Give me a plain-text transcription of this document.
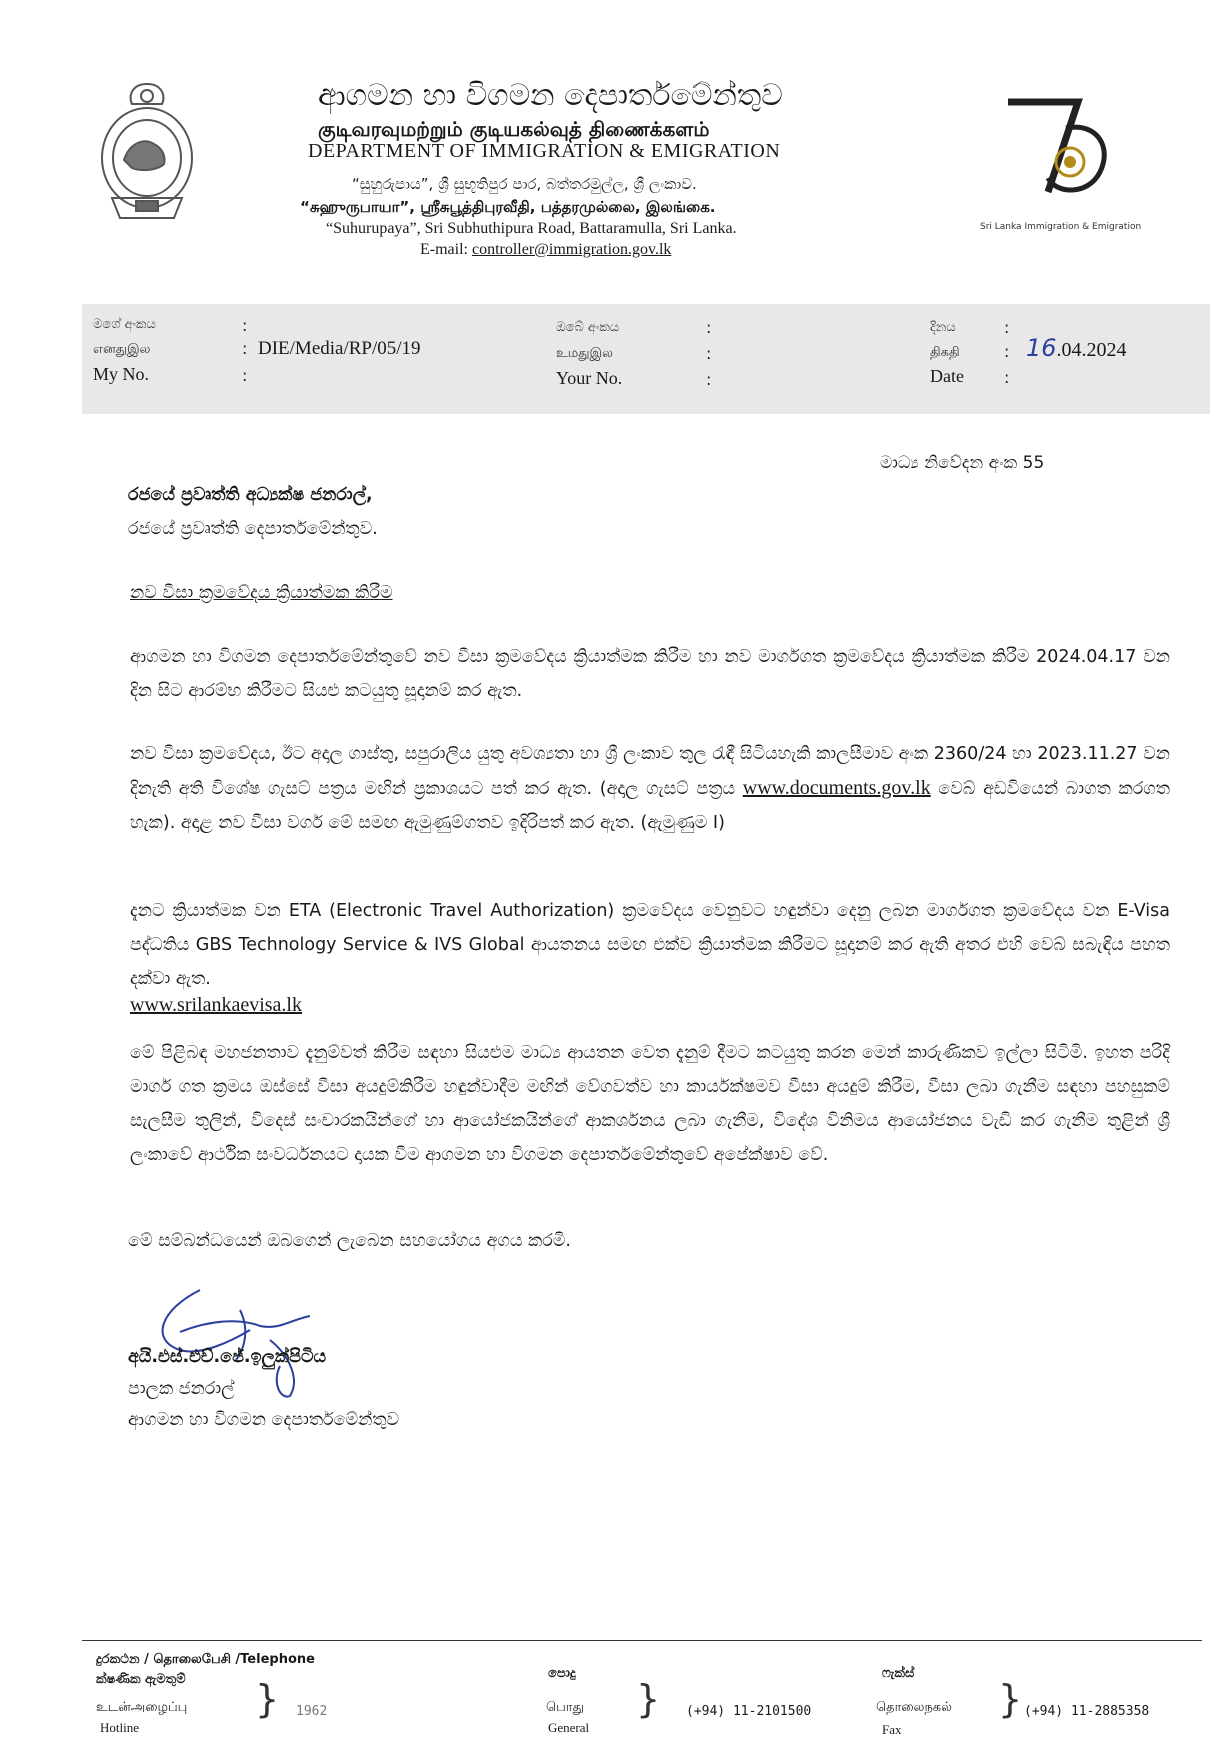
ආගමන හා විගමන දෙපාර්තමේන්තුව
குடிவரவுமற்றும் குடியகல்வுத் திணைக்களம்
DEPARTMENT OF IMMIGRATION & EMIGRATION
“සුහුරුපාය”, ශ්‍රී සුභූතිපුර පාර, බත්තරමුල්ල, ශ්‍රී ලංකාව.
“சுஹுருபாயா”, ஸ்ரீசுபூத்திபுரவீதி, பத்தரமுல்லை, இலங்கை.
“Suhurupaya”, Sri Subhuthipura Road, Battaramulla, Sri Lanka.
E-mail: controller@immigration.gov.lk
Sri Lanka Immigration & Emigration
මගේ අංකය
எனதுஇல
My No.
:
:
:
DIE/Media/RP/05/19
ඔබේ අංකය
உமதுஇல
Your No.
:
:
:
දිනය
திகதி
Date
:
:
:
16.04.2024
මාධ්‍ය නිවේදන අංක 55
රජයේ ප්‍රවෘත්ති අධ්‍යක්ෂ ජනරාල්,
රජයේ ප්‍රවෘත්ති දෙපාර්තමේන්තුව.
නව වීසා ක්‍රමවේදය ක්‍රියාත්මක කිරීම
ආගමන හා විගමන දෙපාර්තමේන්තුවේ නව වීසා ක්‍රමවේදය ක්‍රියාත්මක කිරීම හා නව මාර්ගගත ක්‍රමවේදය ක්‍රියාත්මක කිරීම 2024.04.17 වන දින සිට ආරම්භ කිරීමට සියළු කටයුතු සූදානම් කර ඇත.
නව වීසා ක්‍රමවේදය, ඊට අදාල ගාස්තු, සපුරාලිය යුතු අවශ්‍යතා හා ශ්‍රී ලංකාව තුල රැඳී සිටියහැකි කාලසීමාව අංක 2360/24 හා 2023.11.27 වන දිනැති අති විශේෂ ගැසට් පත්‍රය මඟින් ප්‍රකාශයට පත් කර ඇත. (අදාල ගැසට් පත්‍රය www.documents.gov.lk වෙබ් අඩවියෙන් බාගත කරගත හැක). අදාළ නව වීසා වර්ග මේ සමඟ ඇමුණුම්ගතව ඉදිරිපත් කර ඇත. (ඇමුණුම I)
දැනට ක්‍රියාත්මක වන ETA (Electronic Travel Authorization) ක්‍රමවේදය වෙනුවට හඳුන්වා දෙනු ලබන මාර්ගගත ක්‍රමවේදය වන E-Visa පද්ධතිය GBS Technology Service & IVS Global ආයතනය සමඟ එක්ව ක්‍රියාත්මක කිරීමට සූදානම් කර ඇති අතර එහි වෙබ් සබැඳිය පහත දක්වා ඇත.
www.srilankaevisa.lk
මේ පිළිබඳ මහජනතාව දැනුම්වත් කිරීම සඳහා සියළුම මාධ්‍ය ආයතන වෙත දැනුම් දීමට කටයුතු කරන මෙන් කාරුණිකව ඉල්ලා සිටිමි. ඉහත පරිදි මාර්ග ගත ක්‍රමය ඔස්සේ වීසා අයදුම්කිරීම හඳුන්වාදීම මඟින් වේගවත්ව හා කාර්යක්ෂමව වීසා අයදුම් කිරීම, වීසා ලබා ගැනීම සඳහා පහසුකම් සැලසීම තුලින්, විදෙස් සංචාරකයින්ගේ හා ආයෝජකයින්ගේ ආකර්ශනය ලබා ගැනීම, විදේශ විනිමය ආයෝජනය වැඩි කර ගැනීම තුළින් ශ්‍රී ලංකාවේ ආර්ථික සංවර්ධනයට දායක වීම ආගමන හා විගමන දෙපාර්තමේන්තුවේ අපේක්ෂාව වේ.
මේ සම්බන්ධයෙන් ඔබගෙන් ලැබෙන සහයෝගය අගය කරමි.
අයි.එස්.එච්.ජේ.ඉලුක්පිටිය
පාලක ජනරාල්
ආගමන හා විගමන දෙපාර්තමේන්තුව
දුරකථන / தொலைபேசி /Telephone
ක්ෂණික ඇමතුම්
உடன்அழைப்பு
Hotline
} 1962
පොදු
பொது
General
} (+94) 11-2101500
ෆැක්ස්
தொலைநகல்
Fax
} (+94) 11-2885358
